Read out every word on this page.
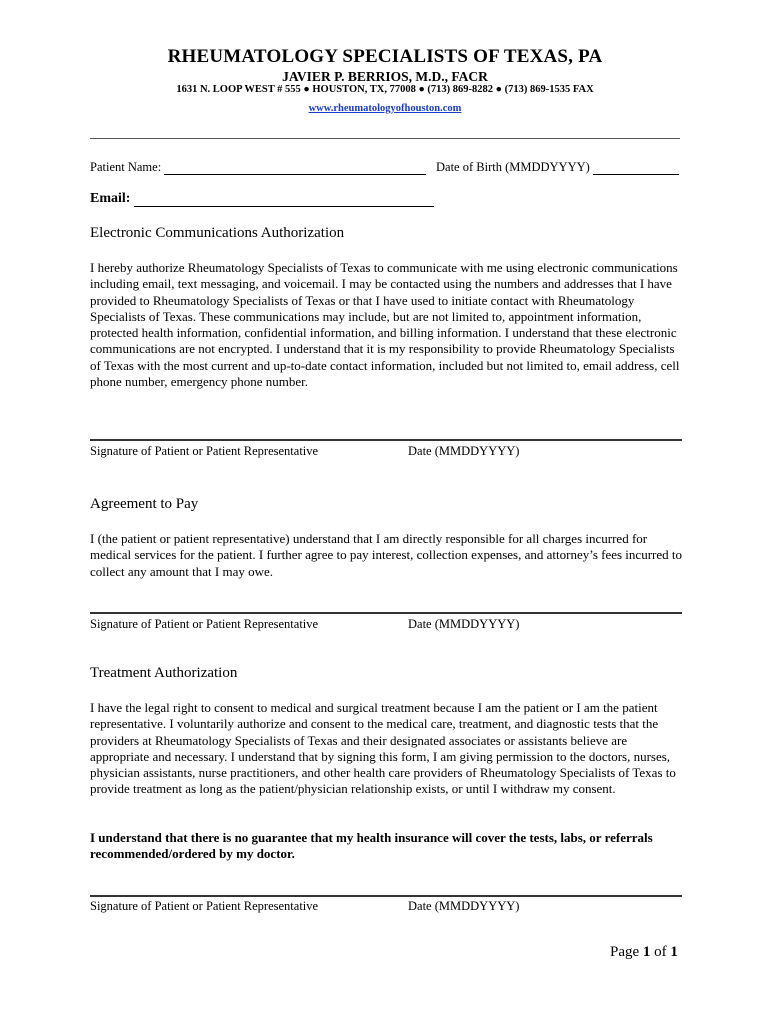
RHEUMATOLOGY SPECIALISTS OF TEXAS, PA
JAVIER P. BERRIOS, M.D., FACR
1631 N. LOOP WEST # 555 ● HOUSTON, TX, 77008 ● (713) 869-8282 ● (713) 869-1535 FAX
www.rheumatologyofhouston.com
Patient Name:	Date of Birth (MMDDYYYY)
Email:
Electronic Communications Authorization

I hereby authorize Rheumatology Specialists of Texas to communicate with me using electronic communications including email, text messaging, and voicemail. I may be contacted using the numbers and addresses that I have provided to Rheumatology Specialists of Texas or that I have used to initiate contact with Rheumatology Specialists of Texas. These communications may include, but are not limited to, appointment information, protected health information, confidential information, and billing information. I understand that these electronic communications are not encrypted. I understand that it is my responsibility to provide Rheumatology Specialists of Texas with the most current and up-to-date contact information, included but not limited to, email address, cell phone number, emergency phone number.

Signature of Patient or Patient Representative	Date (MMDDYYYY)
Agreement to Pay

I (the patient or patient representative) understand that I am directly responsible for all charges incurred for medical services for the patient. I further agree to pay interest, collection expenses, and attorney’s fees incurred to collect any amount that I may owe.

Signature of Patient or Patient Representative	Date (MMDDYYYY)
Treatment Authorization

I have the legal right to consent to medical and surgical treatment because I am the patient or I am the patient representative. I voluntarily authorize and consent to the medical care, treatment, and diagnostic tests that the providers at Rheumatology Specialists of Texas and their designated associates or assistants believe are appropriate and necessary. I understand that by signing this form, I am giving permission to the doctors, nurses, physician assistants, nurse practitioners, and other health care providers of Rheumatology Specialists of Texas to provide treatment as long as the patient/physician relationship exists, or until I withdraw my consent.

I understand that there is no guarantee that my health insurance will cover the tests, labs, or referrals recommended/ordered by my doctor.

Signature of Patient or Patient Representative	Date (MMDDYYYY)
Page 1 of 1
